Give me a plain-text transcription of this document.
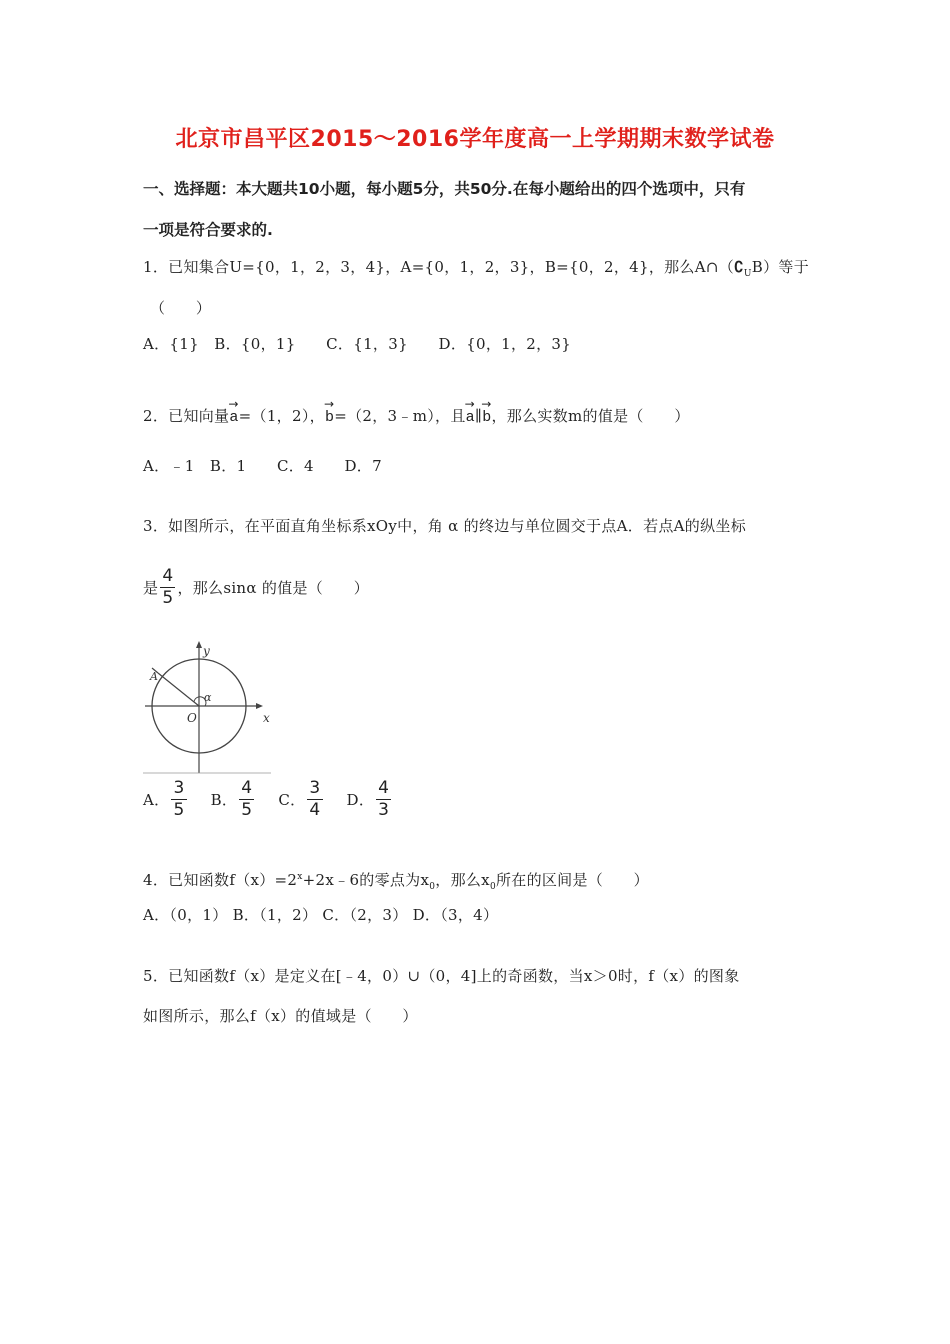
北京市昌平区2015～2016学年度高一上学期期末数学试卷
一、选择题：本大题共10小题，每小题5分，共50分.在每小题给出的四个选项中，只有
一项是符合要求的.
1．已知集合U={0，1，2，3，4}，A={0，1，2，3}，B={0，2，4}，那么$A\cap(∁_UB)$等于
（　　）
A．{1}　B．{0，1}　　C．{1，3}　　D．{0，1，2，3}
2．已知向量
→
a=（1，2），
→
b=（2，3﹣m），且
→
a∥
→
b，那么实数m的值是（　　）
A．﹣1　B．1　　C．4　　D．7
3．如图所示，在平面直角坐标系xOy中，角 α 的终边与单位圆交于点A．若点A的纵坐标
是 $\frac{4}{5}$ ，那么sinα 的值是（　　）
y
x
O
A
α
A． $\frac{3}{5}$ B． $\frac{4}{5}$ C． $\frac{3}{4}$ D． $\frac{4}{3}$
4．已知函数$f(x)=2^x+2x﹣6$的零点为$x_0$，那么$x_0$所在的区间是（　　）
A．（0，1） B．（1，2） C．（2，3） D．（3，4）
5．已知函数f（x）是定义在[﹣4，0）∪（0，4]上的奇函数，当x＞0时，f（x）的图象
如图所示，那么f（x）的值域是（　　）
